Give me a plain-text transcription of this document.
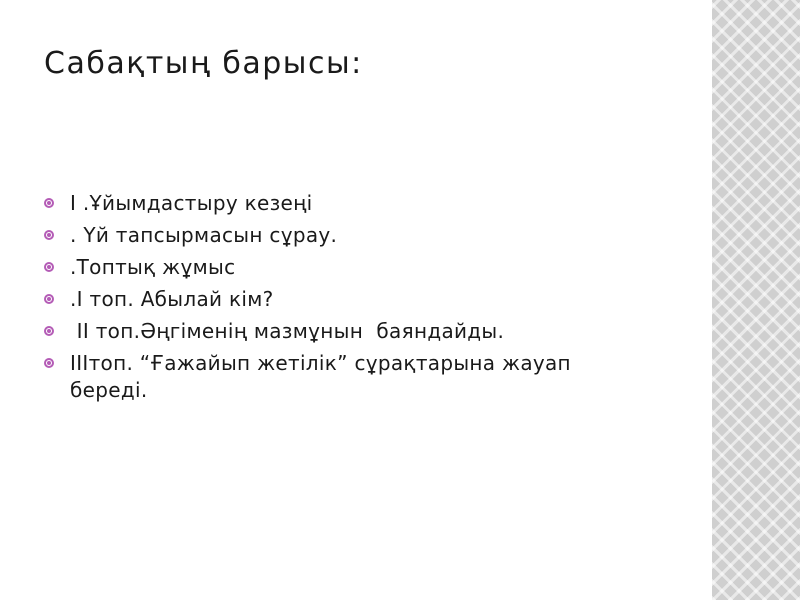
Сабақтың барысы:
I .Ұйымдастыру кезеңі
. Үй тапсырмасын сұрау.
.Топтық жұмыс
.I топ. Абылай кім?
II топ.Әңгіменің мазмұнын  баяндайды.
IIIтоп. “Ғажайып жетілік” сұрақтарына жауап береді.
